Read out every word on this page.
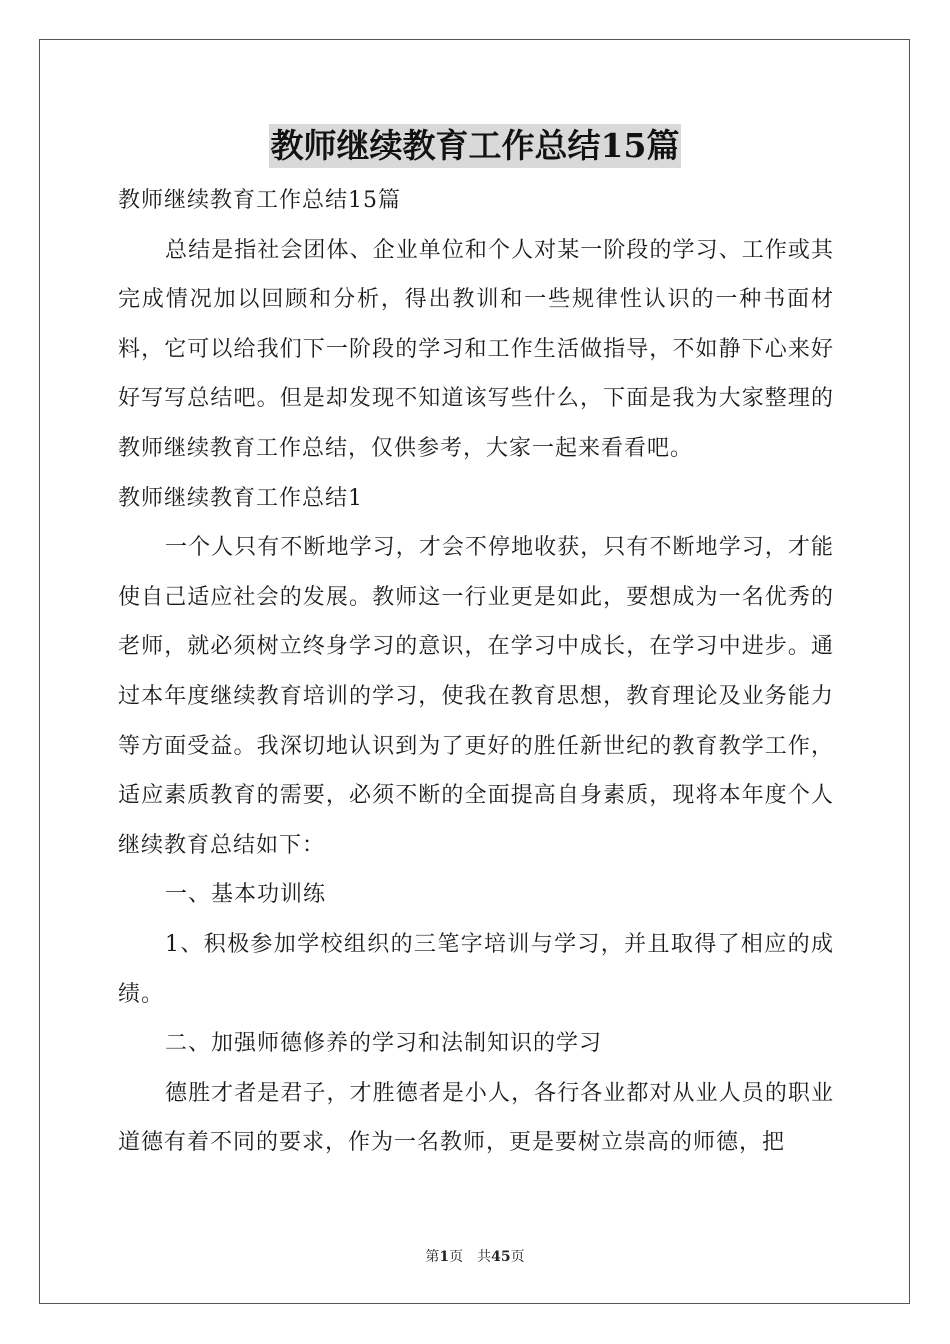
教师继续教育工作总结15篇

教师继续教育工作总结15篇

总结是指社会团体、企业单位和个人对某一阶段的学习、工作或其完成情况加以回顾和分析，得出教训和一些规律性认识的一种书面材料，它可以给我们下一阶段的学习和工作生活做指导，不如静下心来好好写写总结吧。但是却发现不知道该写些什么，下面是我为大家整理的教师继续教育工作总结，仅供参考，大家一起来看看吧。

教师继续教育工作总结1

一个人只有不断地学习，才会不停地收获，只有不断地学习，才能使自己适应社会的发展。教师这一行业更是如此，要想成为一名优秀的老师，就必须树立终身学习的意识，在学习中成长，在学习中进步。通过本年度继续教育培训的学习，使我在教育思想，教育理论及业务能力等方面受益。我深切地认识到为了更好的胜任新世纪的教育教学工作，适应素质教育的需要，必须不断的全面提高自身素质，现将本年度个人继续教育总结如下：

一、基本功训练

1、积极参加学校组织的三笔字培训与学习，并且取得了相应的成绩。

二、加强师德修养的学习和法制知识的学习

德胜才者是君子，才胜德者是小人，各行各业都对从业人员的职业道德有着不同的要求，作为一名教师，更是要树立崇高的师德，把

第1页 共45页
